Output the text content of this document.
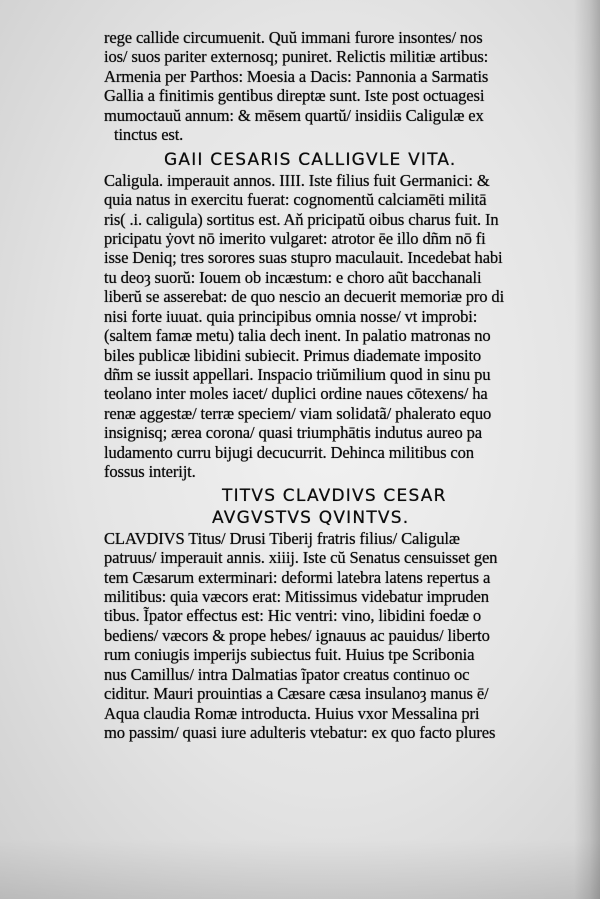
rege callide circumuenit. Quŭ immani furore insontes/ nos
ios/ suos pariter externosq; puniret. Relictis militiæ artibus:
Armenia per Parthos: Moesia a Dacis: Pannonia a Sarmatis
Gallia a finitimis gentibus direptæ sunt. Iste post octuagesi
mumoctauŭ annum: & mēsem quartŭ/ insidiis Caligulæ ex
tinctus est.
GAII CESARIS CALLIGVLE VITA.
Caligula. imperauit annos. IIII. Iste filius fuit Germanici: &
quia natus in exercitu fuerat: cognomentŭ calciamēti militā
ris( .i. caligula) sortitus est. Aň pricipatŭ oibus charus fuit. In
pricipatu ẏovt nō imerito vulgaret: atrotor ēe illo dñm nō fi
isse Deniq; tres sorores suas stupro maculauit. Incedebat habi
tu deoȝ suorŭ: Iouem ob incæstum: e choro aũt bacchanali
liberŭ se asserebat: de quo nescio an decuerit memoriæ pro di
nisi forte iuuat. quia principibus omnia nosse/ vt improbi:
(saltem famæ metu) talia dech inent. In palatio matronas no
biles publicæ libidini subiecit. Primus diademate imposito
dñm se iussit appellari. Inspacio triŭmilium quod in sinu pu
teolano inter moles iacet/ duplici ordine naues cōtexens/ ha
renæ aggestæ/ terræ speciem/ viam solidatã/ phalerato equo
insignisq; ærea corona/ quasi triumphātis indutus aureo pa
ludamento curru bijugi decucurrit. Dehinca militibus con
fossus interijt.
TITVS CLAVDIVS CESAR
AVGVSTVS QVINTVS.
CLAVDIVS Titus/ Drusi Tiberij fratris filius/ Caligulæ
patruus/ imperauit annis. xiiij. Iste cŭ Senatus censuisset gen
tem Cæsarum exterminari: deformi latebra latens repertus a
militibus: quia væcors erat: Mitissimus videbatur impruden
tibus. Ĩpator effectus est: Hic ventri: vino, libidini foedæ o
bediens/ væcors & prope hebes/ ignauus ac pauidus/ liberto
rum coniugis imperijs subiectus fuit. Huius tpe Scribonia
nus Camillus/ intra Dalmatias ĩpator creatus continuo oc
ciditur. Mauri prouintias a Cæsare cæsa insulanoȝ manus ē/
Aqua claudia Romæ introducta. Huius vxor Messalina pri
mo passim/ quasi iure adulteris vtebatur: ex quo facto plures
